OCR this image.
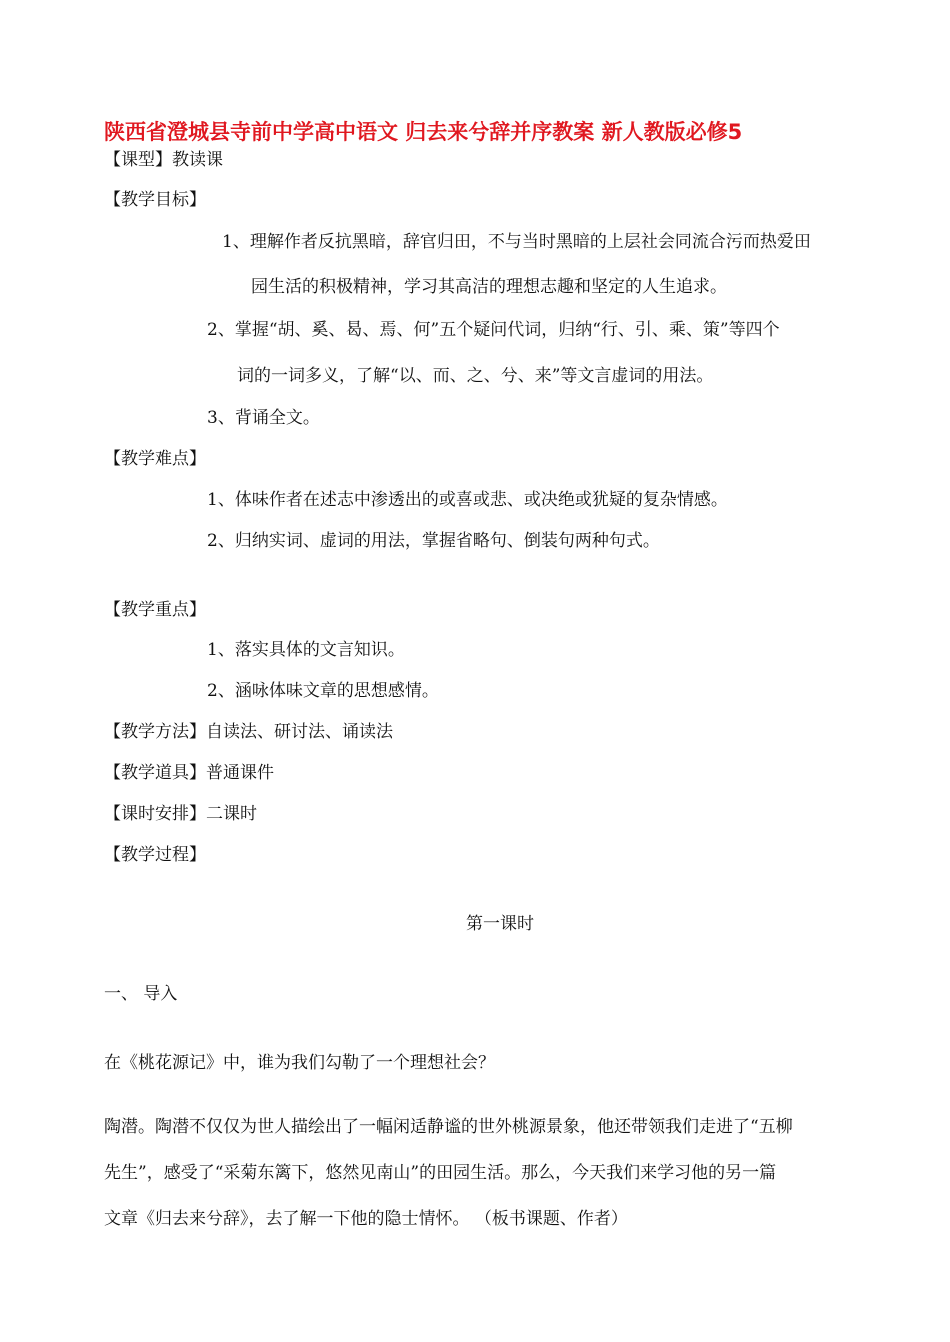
陕西省澄城县寺前中学高中语文 归去来兮辞并序教案 新人教版必修5
【课型】教读课
【教学目标】
1、理解作者反抗黑暗，辞官归田，不与当时黑暗的上层社会同流合污而热爱田
园生活的积极精神，学习其高洁的理想志趣和坚定的人生追求。
2、掌握“胡、奚、曷、焉、何”五个疑问代词，归纳“行、引、乘、策”等四个
词的一词多义，了解“以、而、之、兮、来”等文言虚词的用法。
3、背诵全文。
【教学难点】
1、体味作者在述志中渗透出的或喜或悲、或决绝或犹疑的复杂情感。
2、归纳实词、虚词的用法，掌握省略句、倒装句两种句式。
【教学重点】
1、落实具体的文言知识。
2、涵咏体味文章的思想感情。
【教学方法】自读法、研讨法、诵读法
【教学道具】普通课件
【课时安排】二课时
【教学过程】
第一课时
一、 导入
在《桃花源记》中，谁为我们勾勒了一个理想社会？
陶潜。陶潜不仅仅为世人描绘出了一幅闲适静谧的世外桃源景象，他还带领我们走进了“五柳
先生”，感受了“采菊东篱下，悠然见南山”的田园生活。那么，今天我们来学习他的另一篇
文章《归去来兮辞》，去了解一下他的隐士情怀。 （板书课题、作者）
